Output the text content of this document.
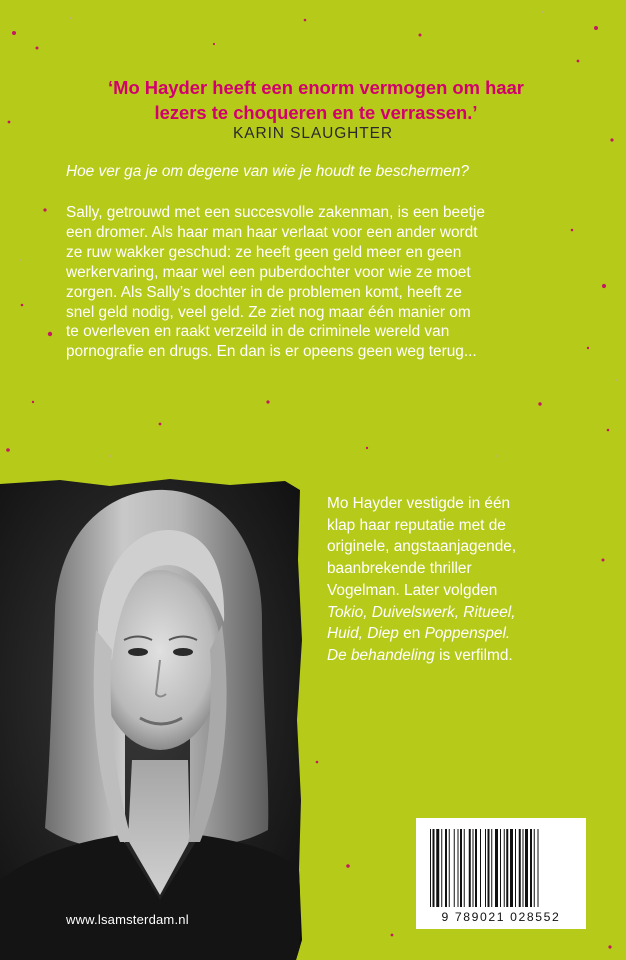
‘Mo Hayder heeft een enorm vermogen om haar
lezers te choqueren en te verrassen.’
KARIN SLAUGHTER
Hoe ver ga je om degene van wie je houdt te beschermen?
Sally, getrouwd met een succesvolle zakenman, is een beetje
een dromer. Als haar man haar verlaat voor een ander wordt
ze ruw wakker geschud: ze heeft geen geld meer en geen
werkervaring, maar wel een puberdochter voor wie ze moet
zorgen. Als Sally’s dochter in de problemen komt, heeft ze
snel geld nodig, veel geld. Ze ziet nog maar één manier om
te overleven en raakt verzeild in de criminele wereld van
pornografie en drugs. En dan is er opeens geen weg terug...
Mo Hayder vestigde in één
klap haar reputatie met de
originele, angstaanjagende,
baanbrekende thriller
Vogelman. Later volgden
Tokio, Duivelswerk, Ritueel,
Huid, Diep en Poppenspel.
De behandeling is verfilmd.
9 789021 028552
www.lsamsterdam.nl
